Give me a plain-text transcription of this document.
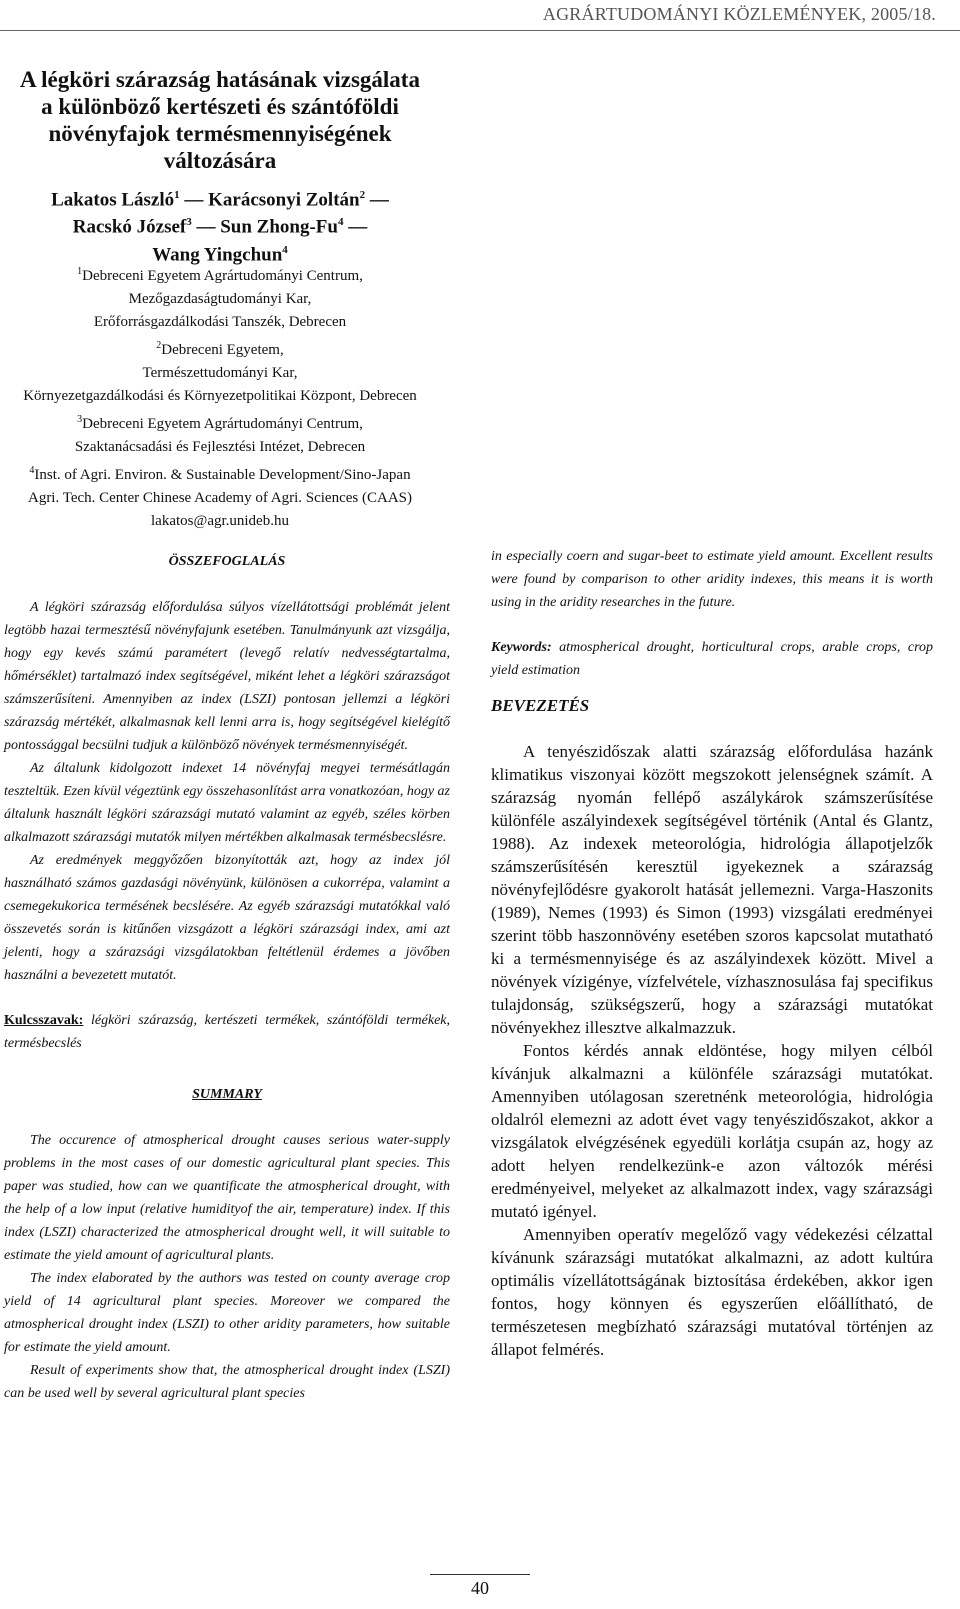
AGRÁRTUDOMÁNYI KÖZLEMÉNYEK, 2005/18.
A légköri szárazság hatásának vizsgálata
a különböző kertészeti és szántóföldi
növényfajok termésmennyiségének
változására
Lakatos László$^1$ — Karácsonyi Zoltán$^2$ —
Racskó József$^3$ — Sun Zhong-Fu$^4$ —
Wang Yingchun$^4$
$^1$Debreceni Egyetem Agrártudományi Centrum,
Mezőgazdaságtudományi Kar,
Erőforrásgazdálkodási Tanszék, Debrecen
$^2$Debreceni Egyetem,
Természettudományi Kar,
Környezetgazdálkodási és Környezetpolitikai Központ, Debrecen
$^3$Debreceni Egyetem Agrártudományi Centrum,
Szaktanácsadási és Fejlesztési Intézet, Debrecen
$^4$Inst. of Agri. Environ. & Sustainable Development/Sino-Japan
Agri. Tech. Center Chinese Academy of Agri. Sciences (CAAS)
lakatos@agr.unideb.hu
ÖSSZEFOGLALÁS

A légköri szárazság előfordulása súlyos vízellátottsági problémát jelent legtöbb hazai termesztésű növényfajunk esetében. Tanulmányunk azt vizsgálja, hogy egy kevés számú paramétert (levegő relatív nedvességtartalma, hőmérséklet) tartalmazó index segítségével, miként lehet a légköri szárazságot számszerűsíteni. Amennyiben az index (LSZI) pontosan jellemzi a légköri szárazság mértékét, alkalmasnak kell lenni arra is, hogy segítségével kielégítő pontossággal becsülni tudjuk a különböző növények termésmennyiségét.

Az általunk kidolgozott indexet 14 növényfaj megyei termésátlagán teszteltük. Ezen kívül végeztünk egy összehasonlítást arra vonatkozóan, hogy az általunk használt légköri szárazsági mutató valamint az egyéb, széles körben alkalmazott szárazsági mutatók milyen mértékben alkalmasak termésbecslésre.

Az eredmények meggyőzően bizonyították azt, hogy az index jól használható számos gazdasági növényünk, különösen a cukorrépa, valamint a csemegekukorica termésének becslésére. Az egyéb szárazsági mutatókkal való összevetés során is kitűnően vizsgázott a légköri szárazsági index, ami azt jelenti, hogy a szárazsági vizsgálatokban feltétlenül érdemes a jövőben használni a bevezetett mutatót.

Kulcsszavak: légköri szárazság, kertészeti termékek, szántóföldi termékek, termésbecslés
SUMMARY

The occurence of atmospherical drought causes serious water-supply problems in the most cases of our domestic agricultural plant species. This paper was studied, how can we quantificate the atmospherical drought, with the help of a low input (relative humidityof the air, temperature) index. If this index (LSZI) characterized the atmospherical drought well, it will suitable to estimate the yield amount of agricultural plants.

The index elaborated by the authors was tested on county average crop yield of 14 agricultural plant species. Moreover we compared the atmospherical drought index (LSZI) to other aridity parameters, how suitable for estimate the yield amount.

Result of experiments show that, the atmospherical drought index (LSZI) can be used well by several agricultural plant species

in especially coern and sugar-beet to estimate yield amount. Excellent results were found by comparison to other aridity indexes, this means it is worth using in the aridity researches in the future.

Keywords: atmospherical drought, horticultural crops, arable crops, crop yield estimation
BEVEZETÉS

A tenyészidőszak alatti szárazság előfordulása hazánk klimatikus viszonyai között megszokott jelenségnek számít. A szárazság nyomán fellépő aszálykárok számszerűsítése különféle aszályindexek segítségével történik (Antal és Glantz, 1988). Az indexek meteorológia, hidrológia állapotjelzők számszerűsítésén keresztül igyekeznek a szárazság növényfejlődésre gyakorolt hatását jellemezni. Varga-Haszonits (1989), Nemes (1993) és Simon (1993) vizsgálati eredményei szerint több haszonnövény esetében szoros kapcsolat mutatható ki a termésmennyisége és az aszályindexek között. Mivel a növények vízigénye, vízfelvétele, vízhasznosulása faj specifikus tulajdonság, szükségszerű, hogy a szárazsági mutatókat növényekhez illesztve alkalmazzuk.

Fontos kérdés annak eldöntése, hogy milyen célból kívánjuk alkalmazni a különféle szárazsági mutatókat. Amennyiben utólagosan szeretnénk meteorológia, hidrológia oldalról elemezni az adott évet vagy tenyészidőszakot, akkor a vizsgálatok elvégzésének egyedüli korlátja csupán az, hogy az adott helyen rendelkezünk-e azon változók mérési eredményeivel, melyeket az alkalmazott index, vagy szárazsági mutató igényel.

Amennyiben operatív megelőző vagy védekezési célzattal kívánunk szárazsági mutatókat alkalmazni, az adott kultúra optimális vízellátottságának biztosítása érdekében, akkor igen fontos, hogy könnyen és egyszerűen előállítható, de természetesen megbízható szárazsági mutatóval történjen az állapot felmérés.

40
